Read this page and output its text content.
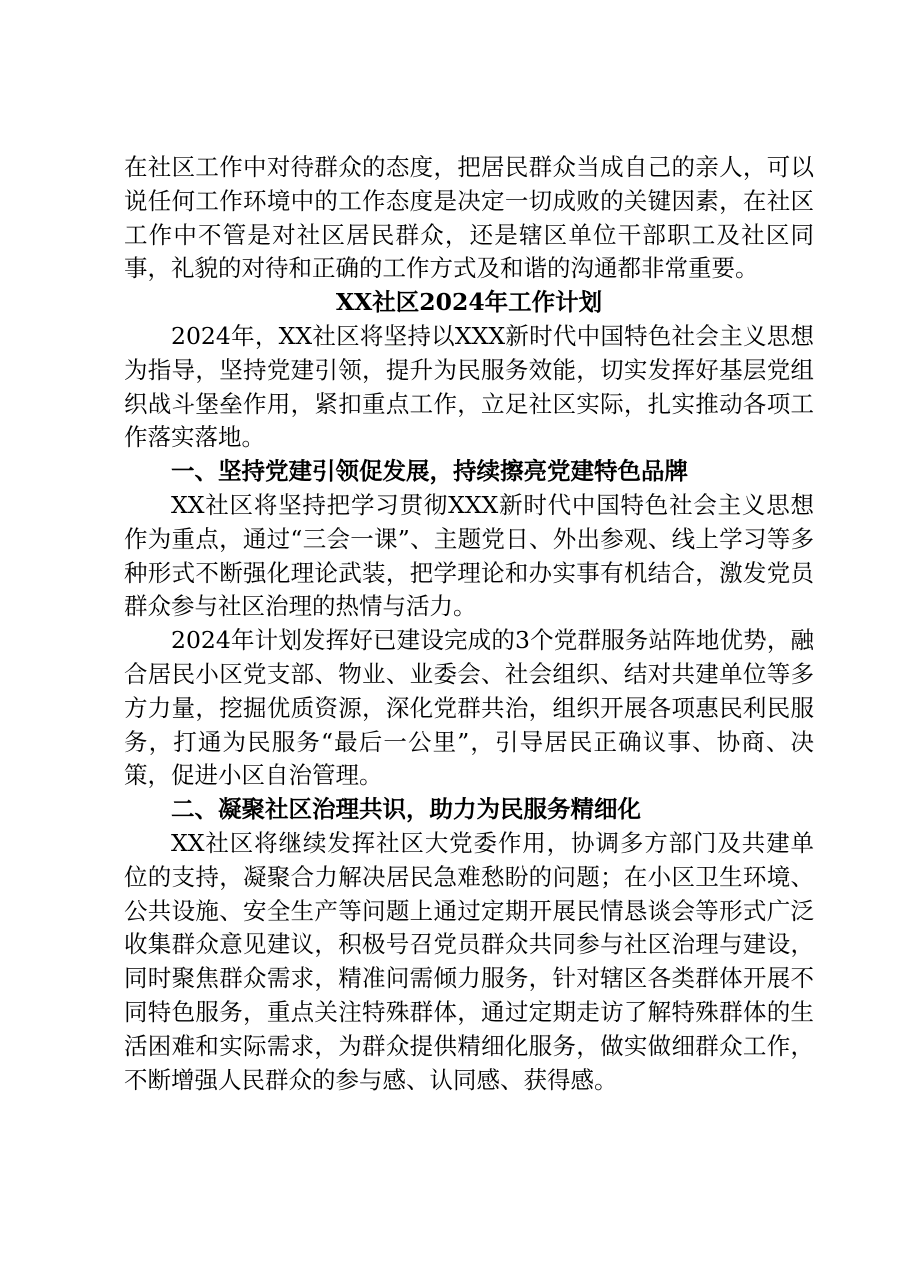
在社区工作中对待群众的态度，把居民群众当成自己的亲人，可以说任何工作环境中的工作态度是决定一切成败的关键因素，在社区工作中不管是对社区居民群众，还是辖区单位干部职工及社区同事，礼貌的对待和正确的工作方式及和谐的沟通都非常重要。

XX社区2024年工作计划

2024年，XX社区将坚持以XXX新时代中国特色社会主义思想为指导，坚持党建引领，提升为民服务效能，切实发挥好基层党组织战斗堡垒作用，紧扣重点工作，立足社区实际，扎实推动各项工作落实落地。

一、坚持党建引领促发展，持续擦亮党建特色品牌

XX社区将坚持把学习贯彻XXX新时代中国特色社会主义思想作为重点，通过“三会一课”、主题党日、外出参观、线上学习等多种形式不断强化理论武装，把学理论和办实事有机结合，激发党员群众参与社区治理的热情与活力。

2024年计划发挥好已建设完成的3个党群服务站阵地优势，融合居民小区党支部、物业、业委会、社会组织、结对共建单位等多方力量，挖掘优质资源，深化党群共治，组织开展各项惠民利民服务，打通为民服务“最后一公里”，引导居民正确议事、协商、决策，促进小区自治管理。

二、凝聚社区治理共识，助力为民服务精细化

XX社区将继续发挥社区大党委作用，协调多方部门及共建单位的支持，凝聚合力解决居民急难愁盼的问题；在小区卫生环境、公共设施、安全生产等问题上通过定期开展民情恳谈会等形式广泛收集群众意见建议，积极号召党员群众共同参与社区治理与建设，同时聚焦群众需求，精准问需倾力服务，针对辖区各类群体开展不同特色服务，重点关注特殊群体，通过定期走访了解特殊群体的生活困难和实际需求，为群众提供精细化服务，做实做细群众工作，不断增强人民群众的参与感、认同感、获得感。
